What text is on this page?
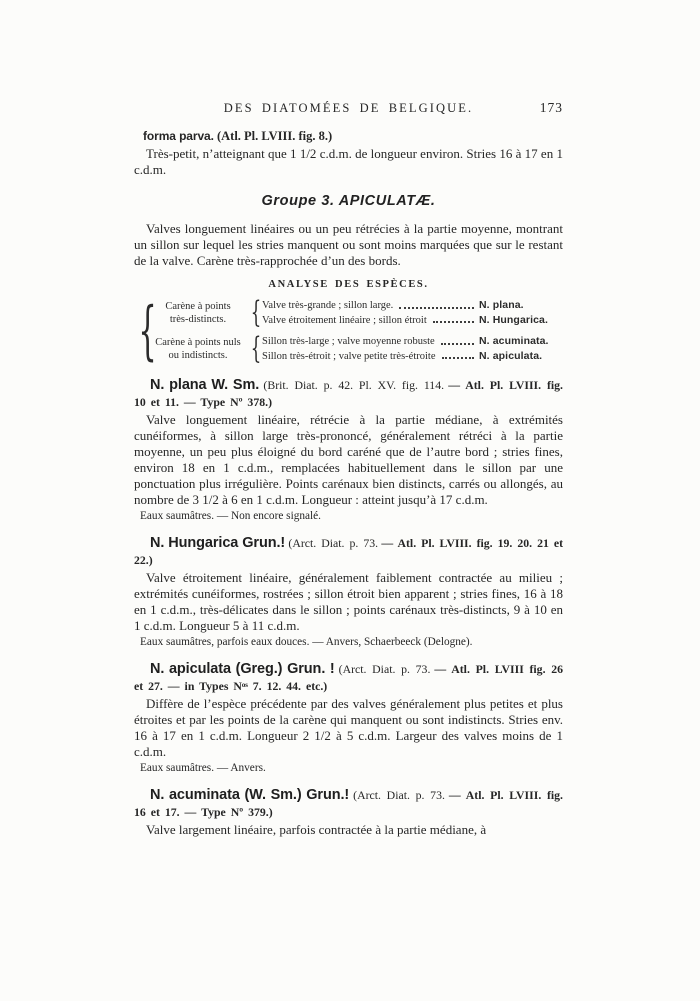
DES DIATOMÉES DE BELGIQUE.	173

forma parva. (Atl. Pl. LVIII. fig. 8.)

Très-petit, n’atteignant que 1 1/2 c.d.m. de longueur environ. Stries 16 à 17 en 1 c.d.m.

Groupe 3. APICULATÆ.

Valves longuement linéaires ou un peu rétrécies à la partie moyenne, montrant un sillon sur lequel les stries manquent ou sont moins marquées que sur le restant de la valve. Carène très-rapprochée d’un des bords.

ANALYSE DES ESPÈCES.
{ Carène à points
très-distincts. { Valve très-grande ; sillon large.	N. plana.
Valve étroitement linéaire ; sillon étroit	N. Hungarica.
Carène à points nuls
ou indistincts. { Sillon très-large ; valve moyenne robuste	N. acuminata.
Sillon très-étroit ; valve petite très-étroite	N. apiculata.

N. plana W. Sm. (Brit. Diat. p. 42. Pl. XV. fig. 114. — Atl. Pl. LVIII. fig. 10 et 11. — Type Nº 378.)

Valve longuement linéaire, rétrécie à la partie médiane, à extrémités cunéiformes, à sillon large très-prononcé, généralement rétréci à la partie moyenne, un peu plus éloigné du bord caréné que de l’autre bord ; stries fines, environ 18 en 1 c.d.m., remplacées habituellement dans le sillon par une ponctuation plus irrégulière. Points carénaux bien distincts, carrés ou allongés, au nombre de 3 1/2 à 6 en 1 c.d.m. Longueur : atteint jusqu’à 17 c.d.m.

Eaux saumâtres. — Non encore signalé.

N. Hungarica Grun.! (Arct. Diat. p. 73. — Atl. Pl. LVIII. fig. 19. 20. 21 et 22.)

Valve étroitement linéaire, généralement faiblement contractée au milieu ; extrémités cunéiformes, rostrées ; sillon étroit bien apparent ; stries fines, 16 à 18 en 1 c.d.m., très-délicates dans le sillon ; points carénaux très-distincts, 9 à 10 en 1 c.d.m. Longueur 5 à 11 c.d.m.

Eaux saumâtres, parfois eaux douces. — Anvers, Schaerbeeck (Delogne).

N. apiculata (Greg.) Grun. ! (Arct. Diat. p. 73. — Atl. Pl. LVIII fig. 26 et 27. — in Types Nᵒˢ 7. 12. 44. etc.)

Diffère de l’espèce précédente par des valves généralement plus petites et plus étroites et par les points de la carène qui manquent ou sont indistincts. Stries env. 16 à 17 en 1 c.d.m. Longueur 2 1/2 à 5 c.d.m. Largeur des valves moins de 1 c.d.m.

Eaux saumâtres. — Anvers.

N. acuminata (W. Sm.) Grun.! (Arct. Diat. p. 73. — Atl. Pl. LVIII. fig. 16 et 17. — Type Nº 379.)

Valve largement linéaire, parfois contractée à la partie médiane, à
